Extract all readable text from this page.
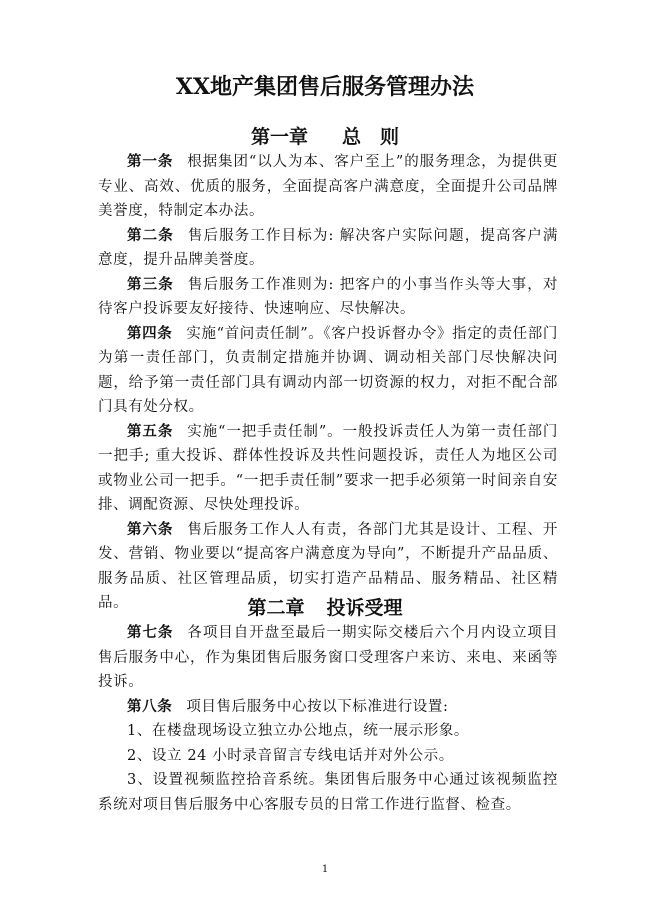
XX地产集团售后服务管理办法
第一章 总　则

第一条 根据集团“以人为本、客户至上”的服务理念，为提供更专业、高效、优质的服务，全面提高客户满意度，全面提升公司品牌美誉度，特制定本办法。

第二条 售后服务工作目标为: 解决客户实际问题，提高客户满意度，提升品牌美誉度。

第三条 售后服务工作准则为: 把客户的小事当作头等大事，对待客户投诉要友好接待、快速响应、尽快解决。

第四条 实施“首问责任制”。《客户投诉督办令》指定的责任部门为第一责任部门，负责制定措施并协调、调动相关部门尽快解决问题，给予第一责任部门具有调动内部一切资源的权力，对拒不配合部门具有处分权。

第五条 实施“一把手责任制”。一般投诉责任人为第一责任部门一把手; 重大投诉、群体性投诉及共性问题投诉，责任人为地区公司或物业公司一把手。“一把手责任制”要求一把手必须第一时间亲自安排、调配资源、尽快处理投诉。

第六条 售后服务工作人人有责，各部门尤其是设计、工程、开发、营销、物业要以“提高客户满意度为导向”，不断提升产品品质、服务品质、社区管理品质，切实打造产品精品、服务精品、社区精品。	第二章 投诉受理

第七条 各项目自开盘至最后一期实际交楼后六个月内设立项目售后服务中心，作为集团售后服务窗口受理客户来访、来电、来函等投诉。

第八条 项目售后服务中心按以下标准进行设置:

1、在楼盘现场设立独立办公地点，统一展示形象。

2、设立 24 小时录音留言专线电话并对外公示。

3、设置视频监控拾音系统。集团售后服务中心通过该视频监控系统对项目售后服务中心客服专员的日常工作进行监督、检查。

1
